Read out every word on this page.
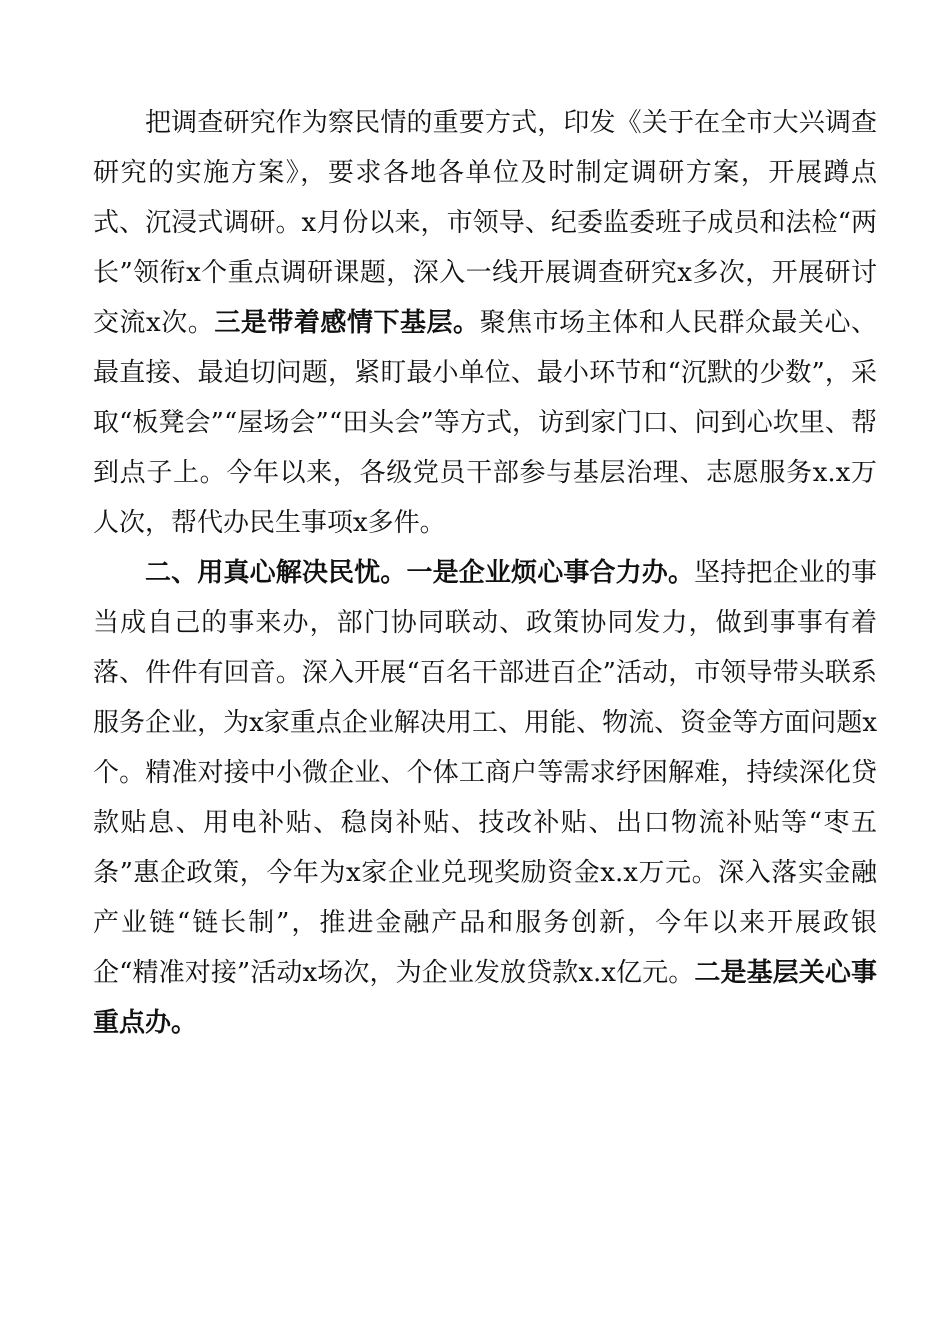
把调查研究作为察民情的重要方式，印发《关于在全市大兴调查研究的实施方案》，要求各地各单位及时制定调研方案，开展蹲点式、沉浸式调研。x月份以来，市领导、纪委监委班子成员和法检“两长”领衔x个重点调研课题，深入一线开展调查研究x多次，开展研讨交流x次。三是带着感情下基层。聚焦市场主体和人民群众最关心、最直接、最迫切问题，紧盯最小单位、最小环节和“沉默的少数”，采取“板凳会”“屋场会”“田头会”等方式，访到家门口、问到心坎里、帮到点子上。今年以来，各级党员干部参与基层治理、志愿服务x.x万人次，帮代办民生事项x多件。

二、用真心解决民忧。一是企业烦心事合力办。坚持把企业的事当成自己的事来办，部门协同联动、政策协同发力，做到事事有着落、件件有回音。深入开展“百名干部进百企”活动，市领导带头联系服务企业，为x家重点企业解决用工、用能、物流、资金等方面问题x个。精准对接中小微企业、个体工商户等需求纾困解难，持续深化贷款贴息、用电补贴、稳岗补贴、技改补贴、出口物流补贴等“枣五条”惠企政策，今年为x家企业兑现奖励资金x.x万元。深入落实金融产业链“链长制”，推进金融产品和服务创新，今年以来开展政银企“精准对接”活动x场次，为企业发放贷款x.x亿元。二是基层关心事重点办。
